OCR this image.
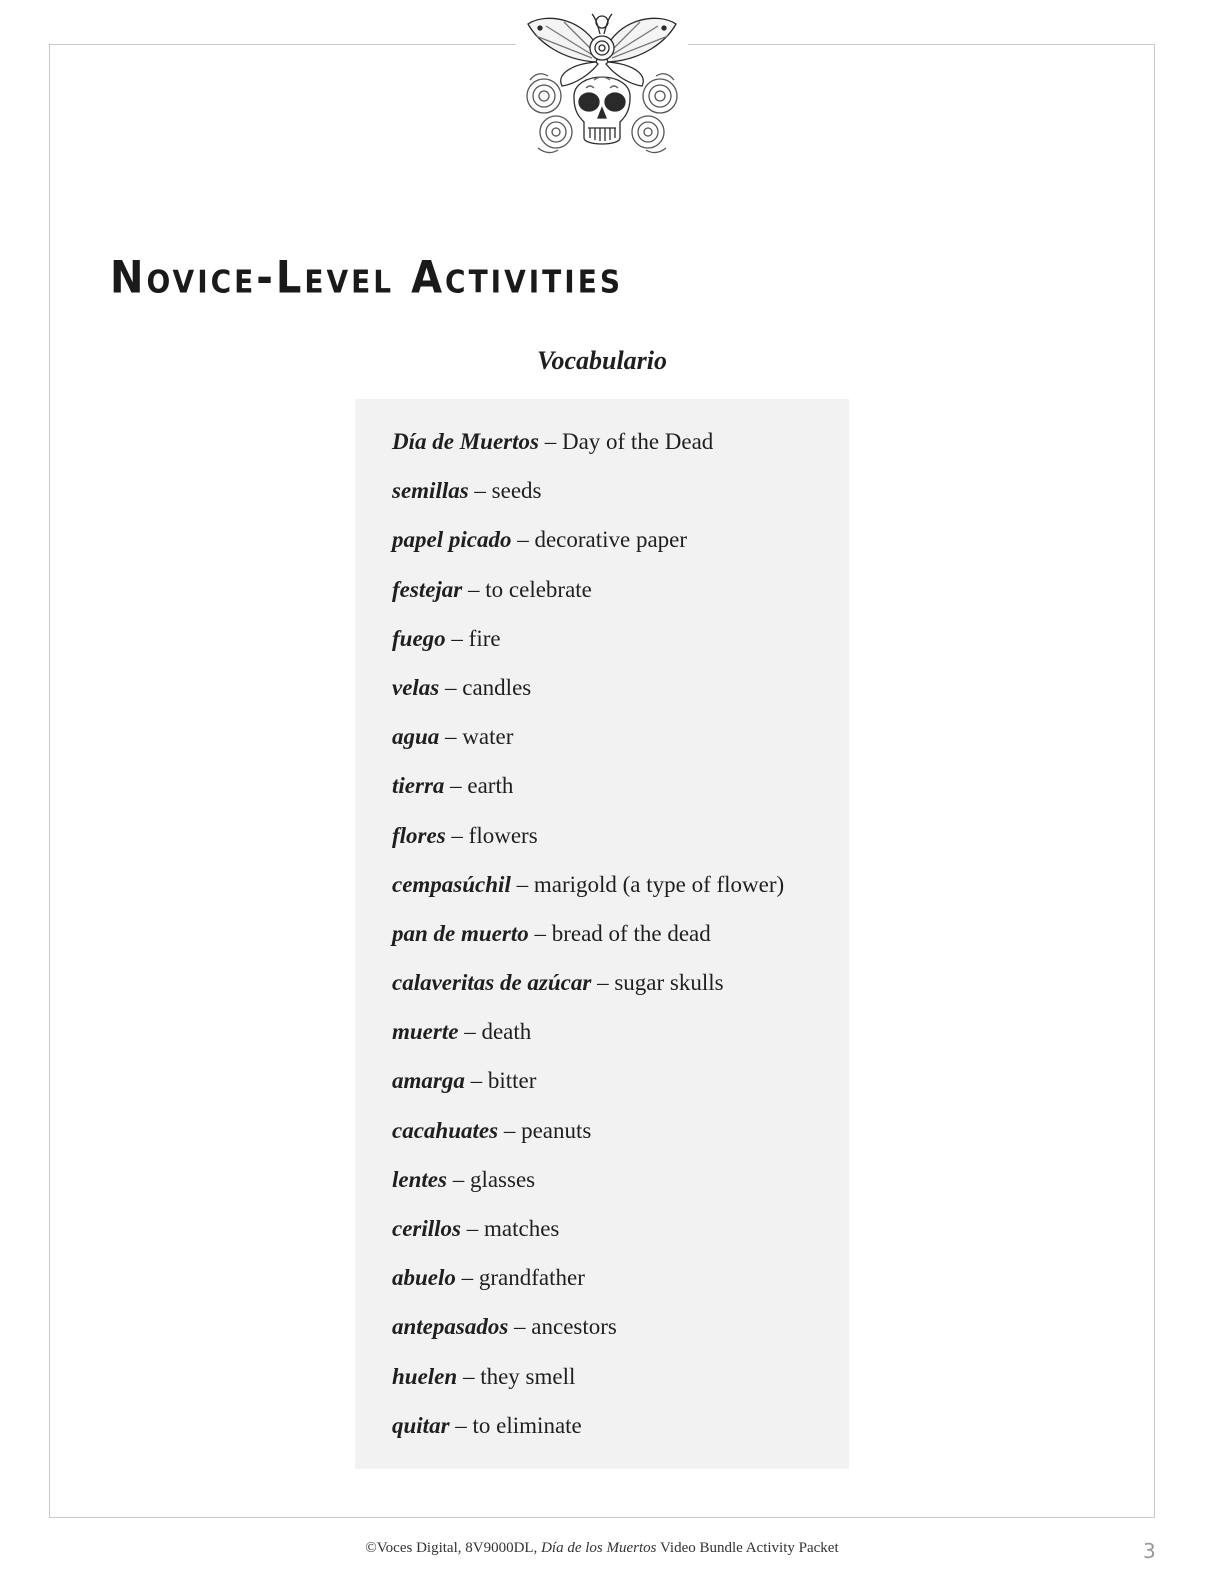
Novice-Level Activities
Vocabulario
Día de Muertos – Day of the Dead
semillas – seeds
papel picado – decorative paper
festejar – to celebrate
fuego – fire
velas – candles
agua – water
tierra – earth
flores – flowers
cempasúchil – marigold (a type of flower)
pan de muerto – bread of the dead
calaveritas de azúcar – sugar skulls
muerte – death
amarga – bitter
cacahuates – peanuts
lentes – glasses
cerillos – matches
abuelo – grandfather
antepasados – ancestors
huelen – they smell
quitar – to eliminate
©Voces Digital, 8V9000DL, Día de los Muertos Video Bundle Activity Packet	3
